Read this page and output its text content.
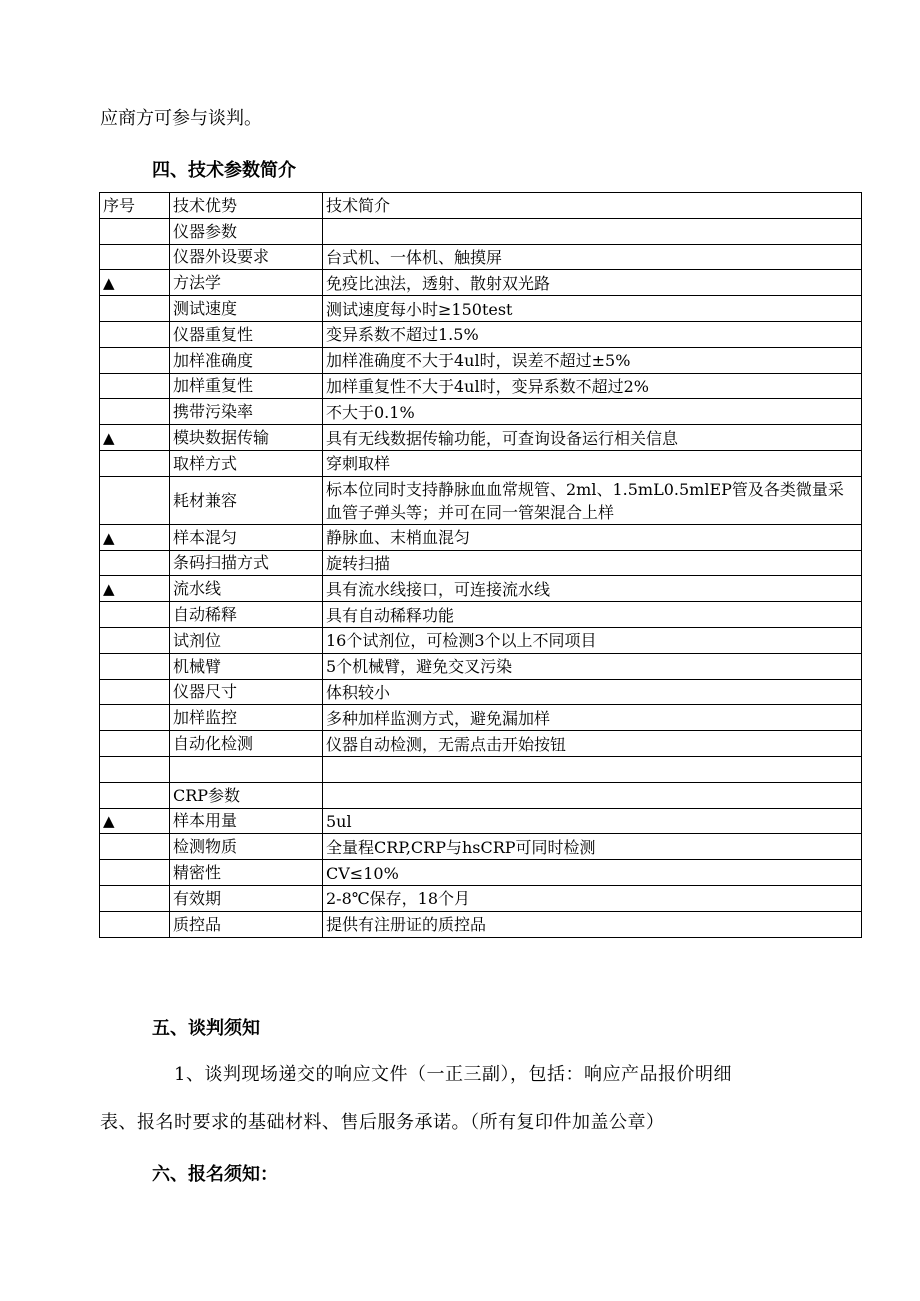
应商方可参与谈判。
四、技术参数简介
序号	技术优势	技术简介
	仪器参数	
	仪器外设要求	台式机、一体机、触摸屏
▲	方法学	免疫比浊法，透射、散射双光路
	测试速度	测试速度每小时≥150test
	仪器重复性	变异系数不超过1.5%
	加样准确度	加样准确度不大于4ul时，误差不超过±5%
	加样重复性	加样重复性不大于4ul时，变异系数不超过2%
	携带污染率	不大于0.1%
▲	模块数据传输	具有无线数据传输功能，可查询设备运行相关信息
	取样方式	穿刺取样
	耗材兼容	标本位同时支持静脉血血常规管、2ml、1.5mL0.5mlEP管及各类微量采血管子弹头等；并可在同一管架混合上样
▲	样本混匀	静脉血、末梢血混匀
	条码扫描方式	旋转扫描
▲	流水线	具有流水线接口，可连接流水线
	自动稀释	具有自动稀释功能
	试剂位	16个试剂位，可检测3个以上不同项目
	机械臂	5个机械臂，避免交叉污染
	仪器尺寸	体积较小
	加样监控	多种加样监测方式，避免漏加样
	自动化检测	仪器自动检测，无需点击开始按钮

	CRP参数	
▲	样本用量	5ul
	检测物质	全量程CRP,CRP与hsCRP可同时检测
	精密性	CV≤10%
	有效期	2-8℃保存，18个月
	质控品	提供有注册证的质控品
五、谈判须知
1、谈判现场递交的响应文件（一正三副），包括：响应产品报价明细
表、报名时要求的基础材料、售后服务承诺。（所有复印件加盖公章）
六、报名须知：
